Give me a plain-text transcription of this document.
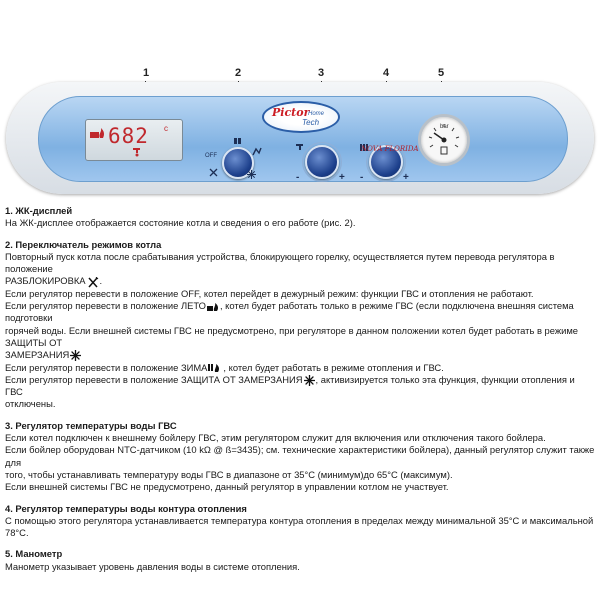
1	2	3	4	5
682 c
Pictor
Home
Tech
OFF
-	+ -	+
NOVA FLORIDA
bar
1. ЖК-дисплей

На ЖК-дисплее отображается состояние котла и сведения о его работе (рис. 2).

2. Переключатель режимов котла

Повторный пуск котла после срабатывания устройства, блокирующего горелку, осуществляется путем перевода регулятора в положение

РАЗБЛОКИРОВКА .

Если регулятор перевести в положение OFF, котел перейдет в дежурный режим: функции ГВС и отопления не работают.

Если регулятор перевести в положение ЛЕТО , котел будет работать только в режиме ГВС (если подключена внешняя система подготовки

горячей воды. Если внешней системы ГВС не предусмотрено, при регуляторе в данном положении котел будет работать в режиме ЗАЩИТЫ ОТ

ЗАМЕРЗАНИЯ

Если регулятор перевести в положение ЗИМА , котел будет работать в режиме отопления и ГВС.

Если регулятор перевести в положение ЗАЩИТА ОТ ЗАМЕРЗАНИЯ , активизируется только эта функция, функции отопления и ГВС

отключены.

3. Регулятор температуры воды ГВС

Если котел подключен к внешнему бойлеру ГВС, этим регулятором служит для включения или отключения такого бойлера.

Если бойлер оборудован NTC-датчиком (10 kΩ @ ß=3435); см. технические характеристики бойлера), данный регулятор служит также для

того, чтобы устанавливать температуру воды ГВС в диапазоне от 35°С (минимум)до 65°С (максимум).

Если внешней системы ГВС не предусмотрено, данный регулятор в управлении котлом не участвует.

4. Регулятор температуры воды контура отопления

С помощью этого регулятора устанавливается температура контура отопления в пределах между минимальной 35°С и максимальной 78°С.

5. Манометр

Манометр указывает уровень давления воды в системе отопления.
